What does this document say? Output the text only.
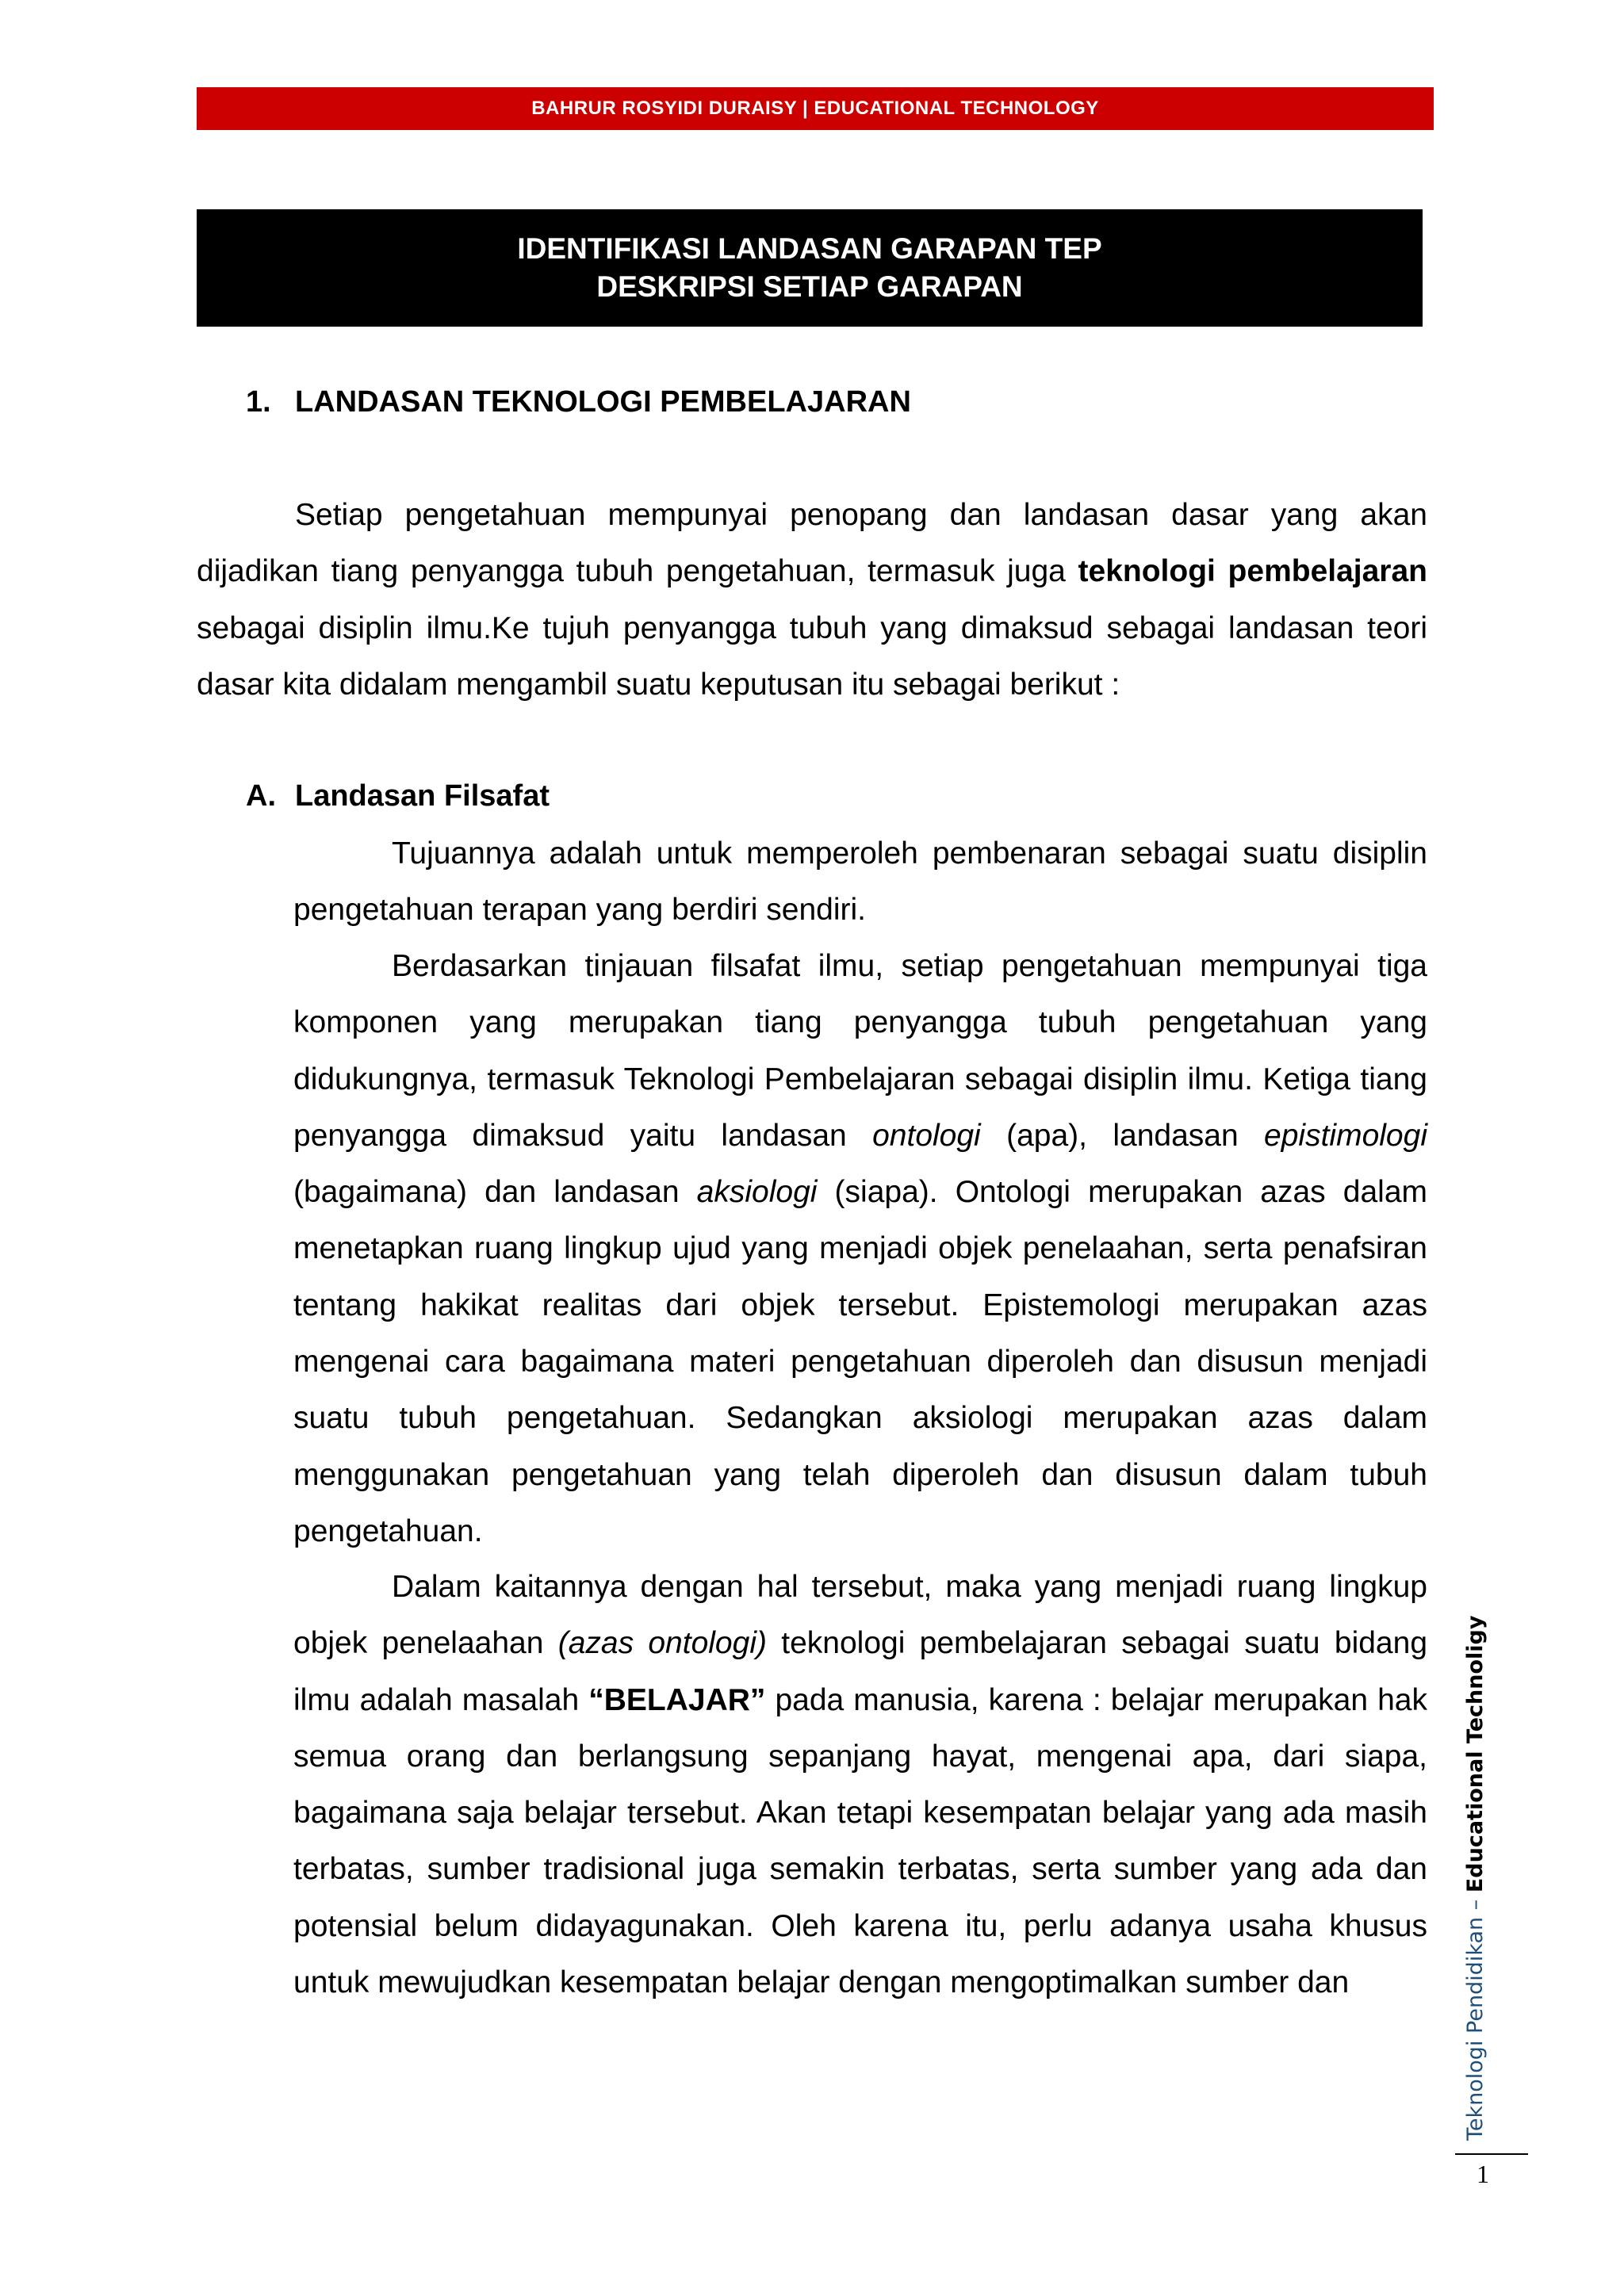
BAHRUR ROSYIDI DURAISY | EDUCATIONAL TECHNOLOGY
IDENTIFIKASI LANDASAN GARAPAN TEP
DESKRIPSI SETIAP GARAPAN
1. LANDASAN TEKNOLOGI PEMBELAJARAN

Setiap pengetahuan mempunyai penopang dan landasan dasar yang akan dijadikan tiang penyangga tubuh pengetahuan, termasuk juga teknologi pembelajaran sebagai disiplin ilmu.Ke tujuh penyangga tubuh yang dimaksud sebagai landasan teori dasar kita didalam mengambil suatu keputusan itu sebagai berikut :

A. Landasan Filsafat

Tujuannya adalah untuk memperoleh pembenaran sebagai suatu disiplin pengetahuan terapan yang berdiri sendiri.

Berdasarkan tinjauan filsafat ilmu, setiap pengetahuan mempunyai tiga komponen yang merupakan tiang penyangga tubuh pengetahuan yang didukungnya, termasuk Teknologi Pembelajaran sebagai disiplin ilmu. Ketiga tiang penyangga dimaksud yaitu landasan ontologi (apa), landasan epistimologi (bagaimana) dan landasan aksiologi (siapa). Ontologi merupakan azas dalam menetapkan ruang lingkup ujud yang menjadi objek penelaahan, serta penafsiran tentang hakikat realitas dari objek tersebut. Epistemologi merupakan azas mengenai cara bagaimana materi pengetahuan diperoleh dan disusun menjadi suatu tubuh pengetahuan. Sedangkan aksiologi merupakan azas dalam menggunakan pengetahuan yang telah diperoleh dan disusun dalam tubuh pengetahuan.

Dalam kaitannya dengan hal tersebut, maka yang menjadi ruang lingkup objek penelaahan (azas ontologi) teknologi pembelajaran sebagai suatu bidang ilmu adalah masalah “BELAJAR” pada manusia, karena : belajar merupakan hak semua orang dan berlangsung sepanjang hayat, mengenai apa, dari siapa, bagaimana saja belajar tersebut. Akan tetapi kesempatan belajar yang ada masih terbatas, sumber tradisional juga semakin terbatas, serta sumber yang ada dan potensial belum didayagunakan. Oleh karena itu, perlu adanya usaha khusus untuk mewujudkan kesempatan belajar dengan mengoptimalkan sumber dan	Teknologi Pendidikan – Educational Technoligy
1
